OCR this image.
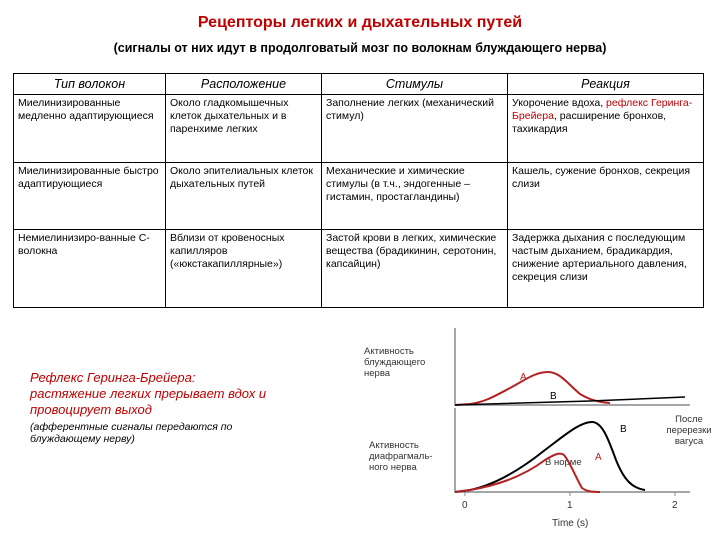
Рецепторы легких и дыхательных путей
(сигналы от них идут в продолговатый мозг по волокнам блуждающего нерва)
Тип волокон	Расположение	Стимулы	Реакция
Миелинизированные медленно адаптирующиеся	Около гладкомышечных клеток дыхательных и в паренхиме легких	Заполнение легких (механический стимул)	Укорочение вдоха, рефлекс Геринга-Брейера, расширение бронхов, тахикардия
Миелинизированные быстро адаптирующиеся	Около эпителиальных клеток дыхательных путей	Механические и химические стимулы (в т.ч., эндогенные – гистамин, простагландины)	Кашель, сужение бронхов, секреция слизи
Немиелинизиро-ванные С-волокна	Вблизи от кровеносных капилляров («юкстакапиллярные»)	Застой крови в легких, химические вещества (брадикинин, серотонин, капсайцин)	Задержка дыхания с последующим частым дыханием, брадикардия, снижение артериального давления, секреция слизи
Рефлекс Геринга-Брейера: растяжение легких прерывает вдох и провоцирует выход
(афферентные сигналы передаются по блуждающему нерву)
Активность блуждающего нерва
Активность диафрагмаль-ного нерва
После перерезки вагуса
В норме
A
B
A
B
0	1	2
Time (s)
